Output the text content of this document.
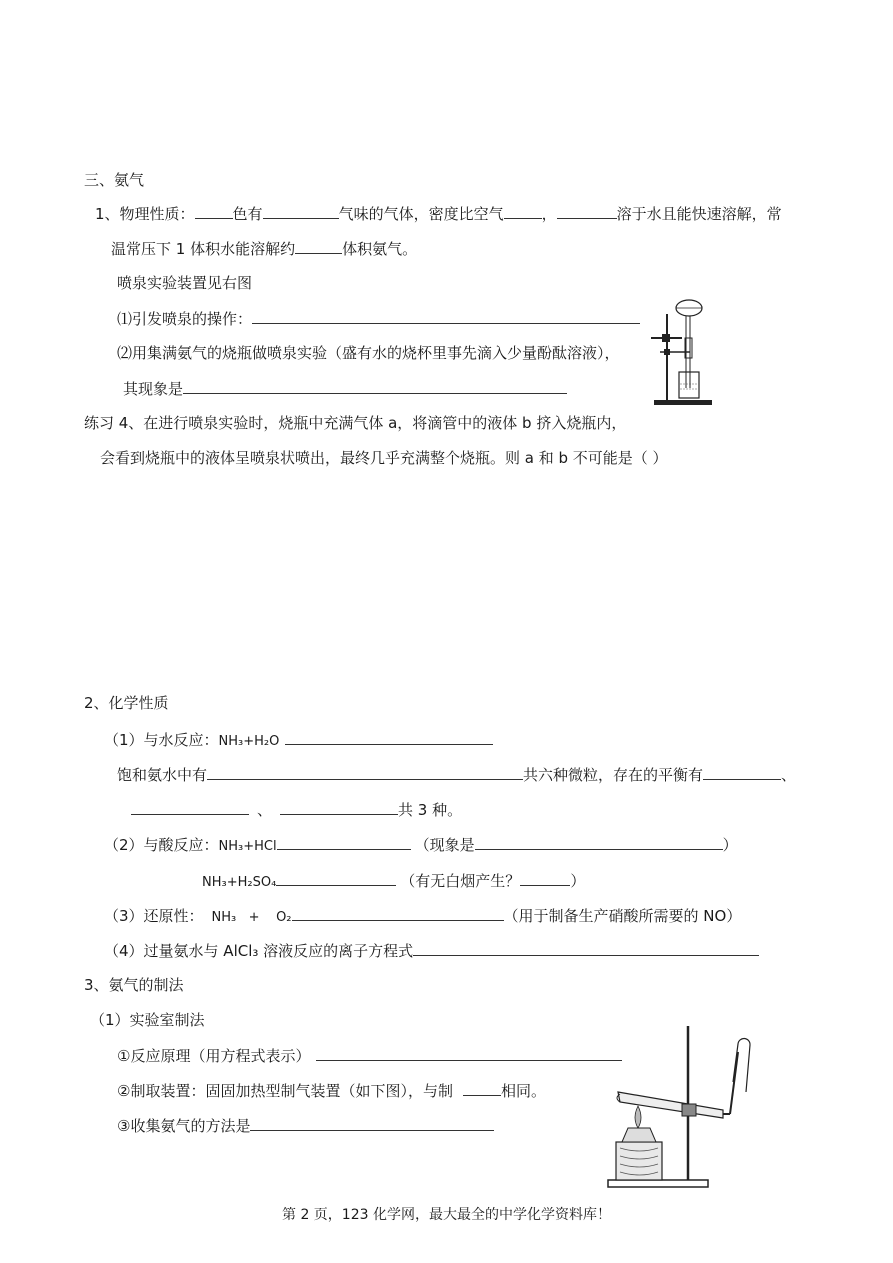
三、氨气
1、物理性质：	色有	气味的气体，密度比空气	，	溶于水且能快速溶解，常
温常压下 1 体积水能溶解约	体积氨气。
喷泉实验装置见右图
⑴引发喷泉的操作：
⑵用集满氨气的烧瓶做喷泉实验（盛有水的烧杯里事先滴入少量酚酞溶液），
其现象是
练习 4、在进行喷泉实验时，烧瓶中充满气体 a，将滴管中的液体 b 挤入烧瓶内，
会看到烧瓶中的液体呈喷泉状喷出，最终几乎充满整个烧瓶。则 a 和 b 不可能是（ ）
2、化学性质
（1）与水反应：NH₃+H₂O
饱和氨水中有	共六种微粒，存在的平衡有	、
、	共 3 种。
（2）与酸反应：NH₃+HCl	（现象是	）
NH₃+H₂SO₄	（有无白烟产生？	）
（3）还原性： NH₃   +    O₂	（用于制备生产硝酸所需要的 NO）
（4）过量氨水与 AlCl₃ 溶液反应的离子方程式
3、氨气的制法
（1）实验室制法
①反应原理（用方程式表示）
②制取装置：固固加热型制气装置（如下图），与制	相同。
③收集氨气的方法是
第 2 页，123 化学网，最大最全的中学化学资料库！
